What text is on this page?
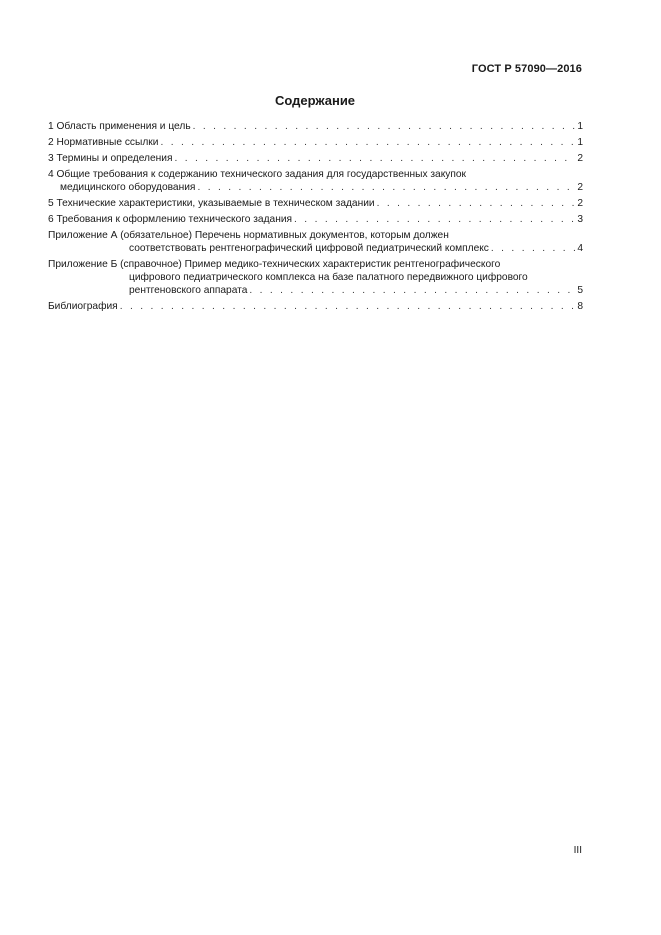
ГОСТ Р 57090—2016
Содержание
1 Область применения и цель . . .	1
2 Нормативные ссылки . . .	1
3 Термины и определения . . .	2
4 Общие требования к содержанию технического задания для государственных закупок
медицинского оборудования . . .	2
5 Технические характеристики, указываемые в техническом задании . . .	2
6 Требования к оформлению технического задания . . .	3
Приложение А (обязательное) Перечень нормативных документов, которым должен
соответствовать рентгенографический цифровой педиатрический комплекс . . .	4
Приложение Б (справочное) Пример медико-технических характеристик рентгенографического
цифрового педиатрического комплекса на базе палатного передвижного цифрового
рентгеновского аппарата . . .	5
Библиография . . .	8
III
